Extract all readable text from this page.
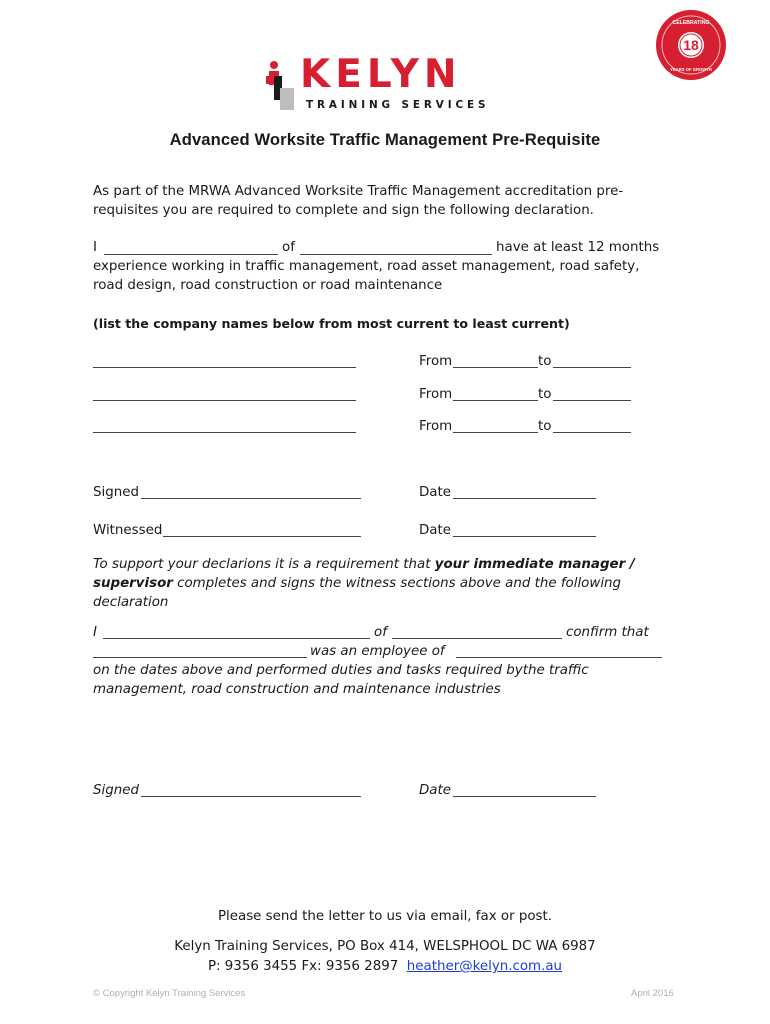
KELYN
TRAINING SERVICES
18
CELEBRATING
YEARS OF GROWTH
Advanced Worksite Traffic Management Pre-Requisite
As part of the MRWA Advanced Worksite Traffic Management accreditation pre-
requisites you are required to complete and sign the following declaration.
I	of	have at least 12 months
experience working in traffic management, road asset management, road safety,
road design, road construction or road maintenance
(list the company names below from most current to least current)
From	to
From	to
From	to
Signed	Date
Witnessed	Date
To support your declarions it is a requirement that your immediate manager /
supervisor completes and signs the witness sections above and the following
declaration
I	of	confirm that
was an employee of
on the dates above and performed duties and tasks required bythe traffic
management, road construction and maintenance industries
Signed	Date
Please send the letter to us via email, fax or post.
Kelyn Training Services, PO Box 414, WELSPHOOL DC WA 6987
P: 9356 3455 Fx: 9356 2897 heather@kelyn.com.au
© Copyright Kelyn Training Services	April 2016
